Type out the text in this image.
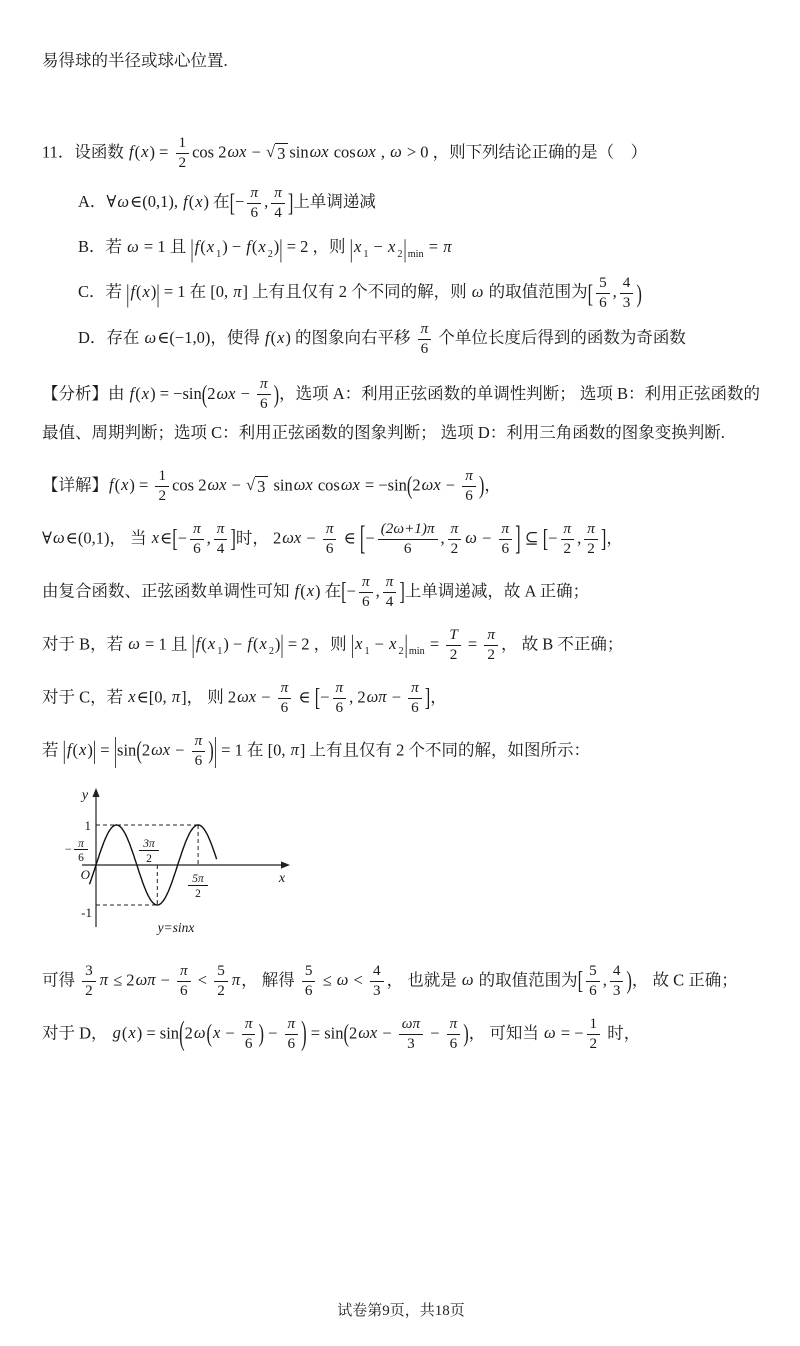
易得球的半径或球心位置.
11．设函数 $f(x) = \frac{1}{2}$ cos 2ωx − √ 3 sinωx cosωx , ω > 0 ，则下列结论正确的是（　）
A．∀ω∈(0,1), f(x) 在[− $\frac{\pi}{6}$ , $\frac{\pi}{4}$ ]上单调递减
B．若 ω = 1 且 |f(x $_1$) − f(x $_2$)| = 2 ，则 |x $_1$ − x $_2|_{min} = \pi$
C．若 |f(x)| = 1 在 [0, π] 上有且仅有 2 个不同的解，则 ω 的取值范围为[ $\frac{5}{6}$ , $\frac{4}{3}$ )
D．存在 ω∈(−1,0)，使得 f(x) 的图象向右平移 $\frac{\pi}{6}$ 个单位长度后得到的函数为奇函数
【分析】由 $f(x) = -\sin(2\omega x - \frac{\pi}{6}$ )，选项 A：利用正弦函数的单调性判断； 选项 B：利用正弦函数的最值、周期判断；选项 C：利用正弦函数的图象判断； 选项 D：利用三角函数的图象变换判断.
【详解】$f(x) = \frac{1}{2}$ cos 2ωx − √ 3 sinωx $\cos\omega x = -\sin(2\omega x - \frac{\pi}{6}$ )，
∀ω∈(0,1)， 当 x∈[− $\frac{\pi}{6}$ , $\frac{\pi}{4}$ ]时， $2\omega x - \frac{\pi}{6}$ ∈ [− $\frac{(2\omega+1)\pi}{6}$ , $\frac{\pi}{2}$ $\omega - \frac{\pi}{6}$ ] ⊆ [− $\frac{\pi}{2}$ , $\frac{\pi}{2}$ ]，
由复合函数、正弦函数单调性可知 f(x) 在[− $\frac{\pi}{6}$ , $\frac{\pi}{4}$ ]上单调递减，故 A 正确；
对于 B，若 ω = 1 且 |f(x $_1$) − f(x $_2$)| = 2 ，则 |x $_1$ − x $_2|_{min} = \frac{T}{2} = \frac{\pi}{2}$ ， 故 B 不正确；
对于 C，若 x∈[0, π]， 则 $2\omega x - \frac{\pi}{6}$ ∈ [− $\frac{\pi}{6}$ , $2\omega\pi - \frac{\pi}{6}$ ]，
若 $|f(x)| = |\sin(2\omega x - \frac{\pi}{6}$ )| = 1 在 [0, π] 上有且仅有 2 个不同的解，如图所示：
y
1
− π
6
O
3π
2
5π
2
x
-1
y=sinx
可得 $\frac{3}{2}$ $\pi \le 2\omega\pi - \frac{\pi}{6} < \frac{5}{2}$ π， 解得 $\frac{5}{6} \le \omega < \frac{4}{3}$ ， 也就是 ω 的取值范围为[ $\frac{5}{6}$ , $\frac{4}{3}$ )， 故 C 正确；
对于 D， $g(x) = \sin(2\omega(x - \frac{\pi}{6}$ ) − $\frac{\pi}{6}$ ) = $\sin(2\omega x - \frac{\omega\pi}{3} - \frac{\pi}{6}$ )， 可知当 ω = − $\frac{1}{2}$ 时，
试卷第9页，共18页
